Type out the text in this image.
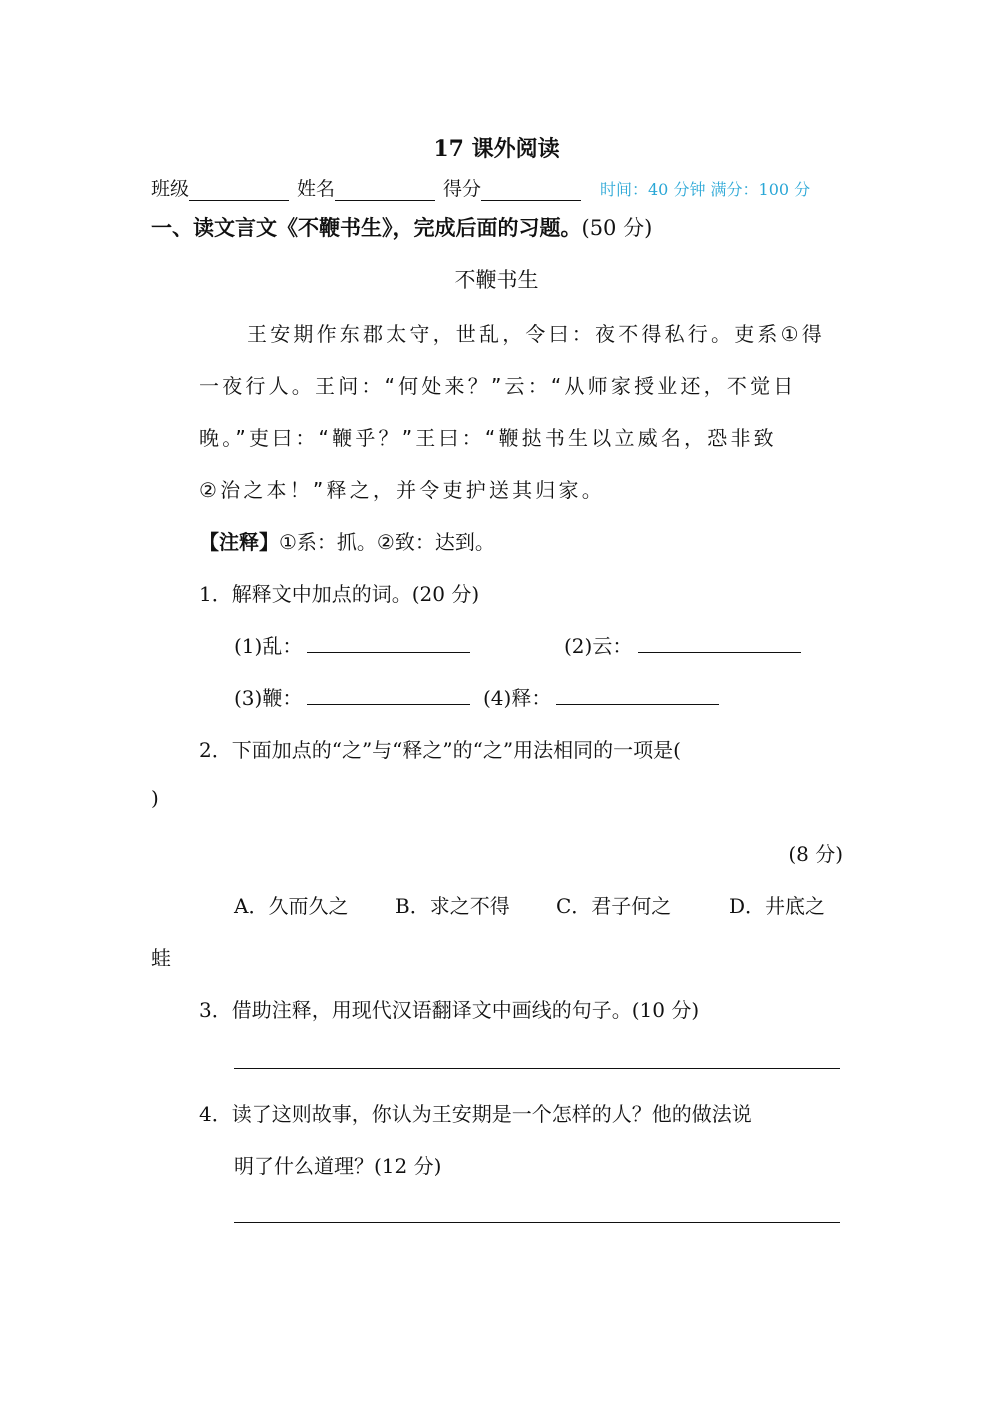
17 课外阅读
班级	姓名	得分	时间：40 分钟 满分：100 分
一、读文言文《不鞭书生》，完成后面的习题。(50 分)
不鞭书生
王安期作东郡太守，世乱，令曰：夜不得私行。吏系①得
一夜行人。王问：“何处来？”云：“从师家授业还，不觉日
晚。”吏曰：“鞭乎？”王曰：“鞭挞书生以立威名，恐非致
②治之本！”释之，并令吏护送其归家。
【注释】①系：抓。②致：达到。
1．解释文中加点的词。(20 分)
(1)乱：	(2)云：
(3)鞭：	(4)释：
2．下面加点的“之”与“释之”的“之”用法相同的一项是(
)
(8 分)
A．久而久之 B．求之不得 C．君子何之	D．井底之
蛙
3．借助注释，用现代汉语翻译文中画线的句子。(10 分)
4．读了这则故事，你认为王安期是一个怎样的人？他的做法说
明了什么道理？(12 分)
